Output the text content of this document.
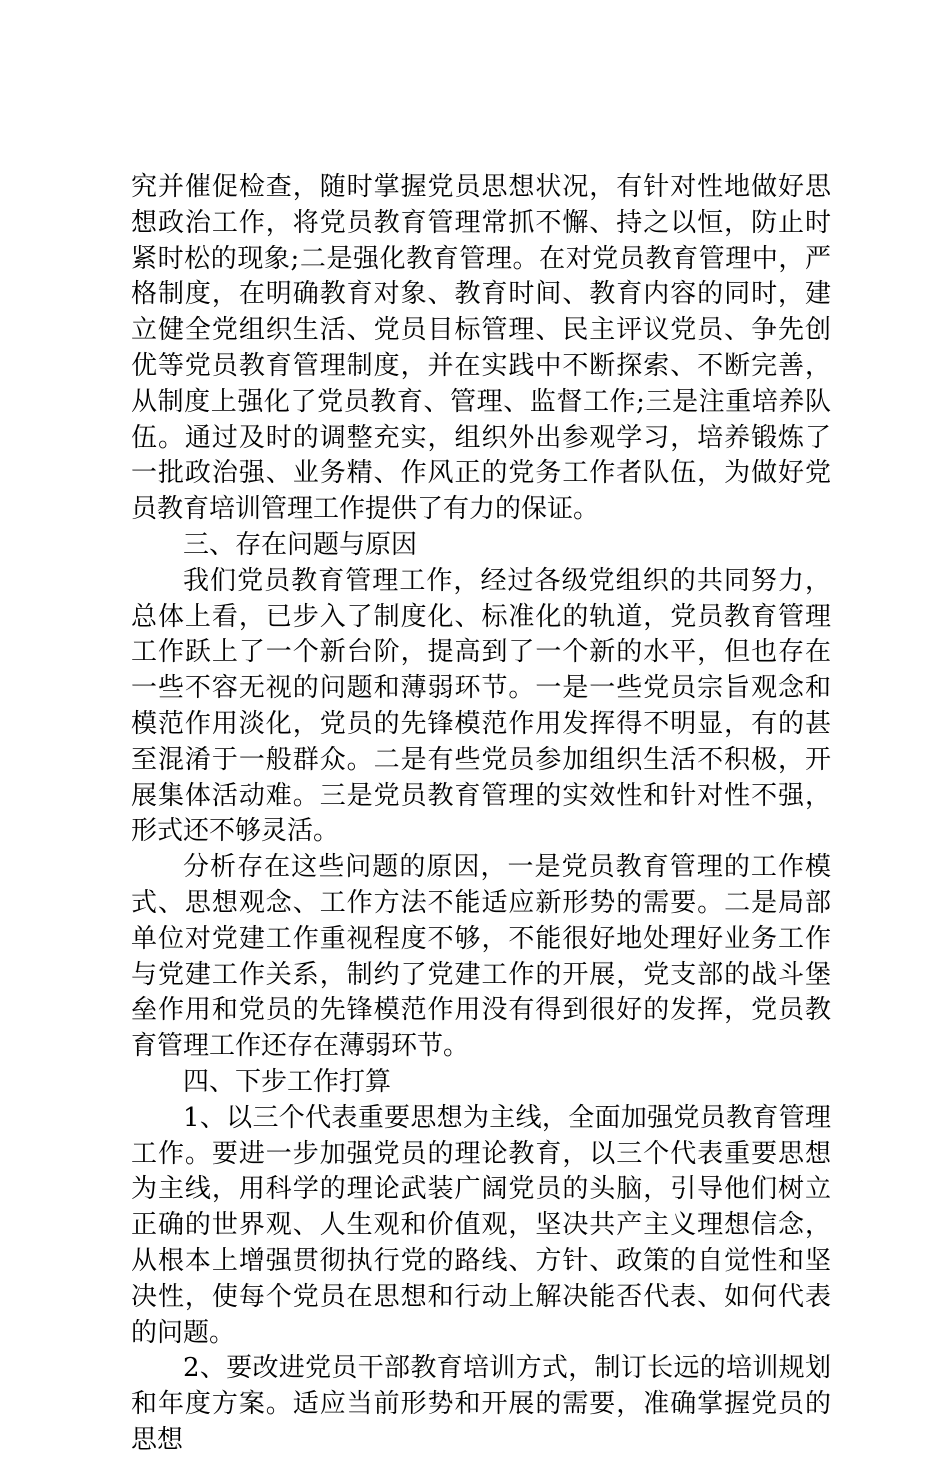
究并催促检查，随时掌握党员思想状况，有针对性地做好思想政治工作，将党员教育管理常抓不懈、持之以恒，防止时紧时松的现象;二是强化教育管理。在对党员教育管理中，严格制度，在明确教育对象、教育时间、教育内容的同时，建立健全党组织生活、党员目标管理、民主评议党员、争先创优等党员教育管理制度，并在实践中不断探索、不断完善，从制度上强化了党员教育、管理、监督工作;三是注重培养队伍。通过及时的调整充实，组织外出参观学习，培养锻炼了一批政治强、业务精、作风正的党务工作者队伍，为做好党员教育培训管理工作提供了有力的保证。

三、存在问题与原因

我们党员教育管理工作，经过各级党组织的共同努力，总体上看，已步入了制度化、标准化的轨道，党员教育管理工作跃上了一个新台阶，提高到了一个新的水平，但也存在一些不容无视的问题和薄弱环节。一是一些党员宗旨观念和模范作用淡化，党员的先锋模范作用发挥得不明显，有的甚至混淆于一般群众。二是有些党员参加组织生活不积极，开展集体活动难。三是党员教育管理的实效性和针对性不强，形式还不够灵活。

分析存在这些问题的原因，一是党员教育管理的工作模式、思想观念、工作方法不能适应新形势的需要。二是局部单位对党建工作重视程度不够，不能很好地处理好业务工作与党建工作关系，制约了党建工作的开展，党支部的战斗堡垒作用和党员的先锋模范作用没有得到很好的发挥，党员教育管理工作还存在薄弱环节。

四、下步工作打算

1、以三个代表重要思想为主线，全面加强党员教育管理工作。要进一步加强党员的理论教育，以三个代表重要思想为主线，用科学的理论武装广阔党员的头脑，引导他们树立正确的世界观、人生观和价值观，坚决共产主义理想信念，从根本上增强贯彻执行党的路线、方针、政策的自觉性和坚决性，使每个党员在思想和行动上解决能否代表、如何代表的问题。

2、要改进党员干部教育培训方式，制订长远的培训规划和年度方案。适应当前形势和开展的需要，准确掌握党员的思想
